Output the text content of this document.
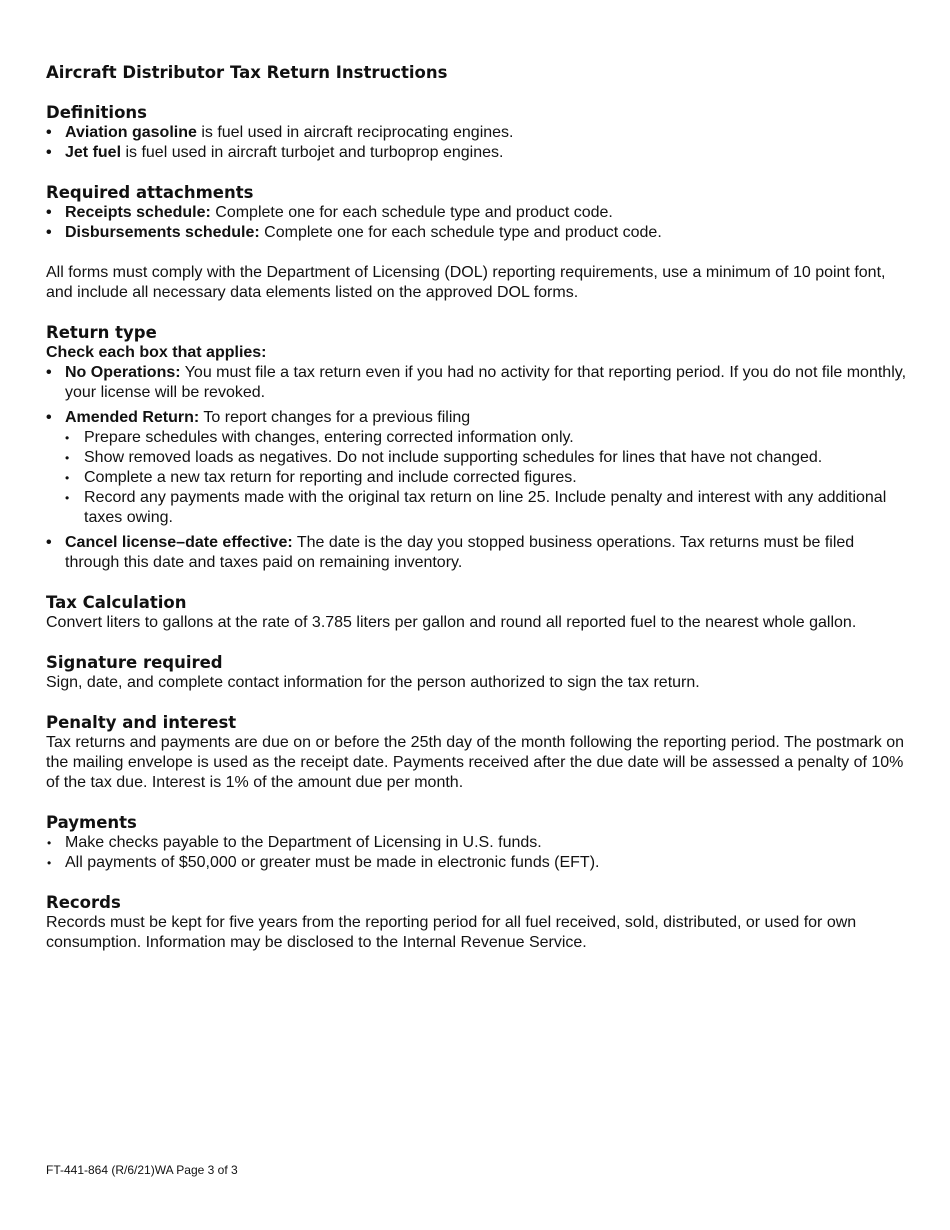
Aircraft Distributor Tax Return Instructions
Definitions
• Aviation gasoline is fuel used in aircraft reciprocating engines.
• Jet fuel is fuel used in aircraft turbojet and turboprop engines.
Required attachments
• Receipts schedule: Complete one for each schedule type and product code.
• Disbursements schedule: Complete one for each schedule type and product code.

All forms must comply with the Department of Licensing (DOL) reporting requirements, use a minimum of 10 point font, and include all necessary data elements listed on the approved DOL forms.

Return type

Check each box that applies:

• No Operations: You must file a tax return even if you had no activity for that reporting period. If you do not file monthly, your license will be revoked.
• Amended Return: To report changes for a previous filing
• Prepare schedules with changes, entering corrected information only.
• Show removed loads as negatives. Do not include supporting schedules for lines that have not changed.
• Complete a new tax return for reporting and include corrected figures.
• Record any payments made with the original tax return on line 25. Include penalty and interest with any additional taxes owing.
• Cancel license–date effective: The date is the day you stopped business operations. Tax returns must be filed through this date and taxes paid on remaining inventory.
Tax Calculation

Convert liters to gallons at the rate of 3.785 liters per gallon and round all reported fuel to the nearest whole gallon.

Signature required

Sign, date, and complete contact information for the person authorized to sign the tax return.

Penalty and interest

Tax returns and payments are due on or before the 25th day of the month following the reporting period. The postmark on the mailing envelope is used as the receipt date. Payments received after the due date will be assessed a penalty of 10% of the tax due. Interest is 1% of the amount due per month.

Payments
• Make checks payable to the Department of Licensing in U.S. funds.
• All payments of $50,000 or greater must be made in electronic funds (EFT).
Records

Records must be kept for five years from the reporting period for all fuel received, sold, distributed, or used for own consumption. Information may be disclosed to the Internal Revenue Service.

FT-441-864 (R/6/21)WA Page 3 of 3
